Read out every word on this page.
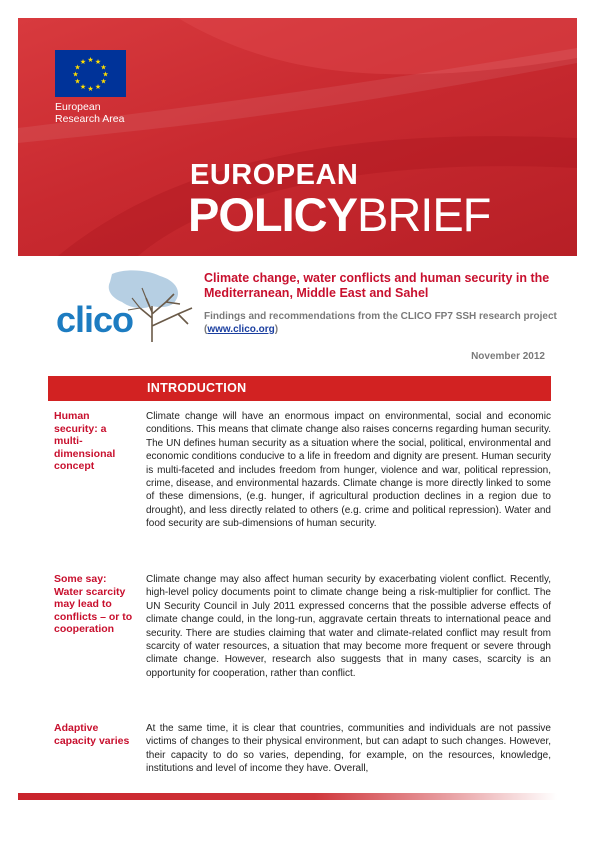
★ ★
★
★
★
★
★
★
★
★
★
★
European
Research Area
EUROPEAN
POLICYBRIEF
clico
Climate change, water conflicts and human security in the Mediterranean, Middle East and Sahel
Findings and recommendations from the CLICO FP7 SSH research project (www.clico.org)
November 2012
INTRODUCTION
Human security: a multi-dimensional concept
Climate change will have an enormous impact on environmental, social and economic conditions. This means that climate change also raises concerns regarding human security. The UN defines human security as a situation where the social, political, environmental and economic conditions conducive to a life in freedom and dignity are present. Human security is multi-faceted and includes freedom from hunger, violence and war, political repression, crime, disease, and environmental hazards. Climate change is more directly linked to some of these dimensions, (e.g. hunger, if agricultural production declines in a region due to drought), and less directly related to others (e.g. crime and political repression). Water and food security are sub-dimensions of human security.
Some say: Water scarcity may lead to conflicts – or to cooperation
Climate change may also affect human security by exacerbating violent conflict. Recently, high-level policy documents point to climate change being a risk-multiplier for conflict. The UN Security Council in July 2011 expressed concerns that the possible adverse effects of climate change could, in the long-run, aggravate certain threats to international peace and security. There are studies claiming that water and climate-related conflict may result from scarcity of water resources, a situation that may become more frequent or severe through climate change. However, research also suggests that in many cases, scarcity is an opportunity for cooperation, rather than conflict.
Adaptive capacity varies
At the same time, it is clear that countries, communities and individuals are not passive victims of changes to their physical environment, but can adapt to such changes. However, their capacity to do so varies, depending, for example, on the resources, knowledge, institutions and level of income they have. Overall,
